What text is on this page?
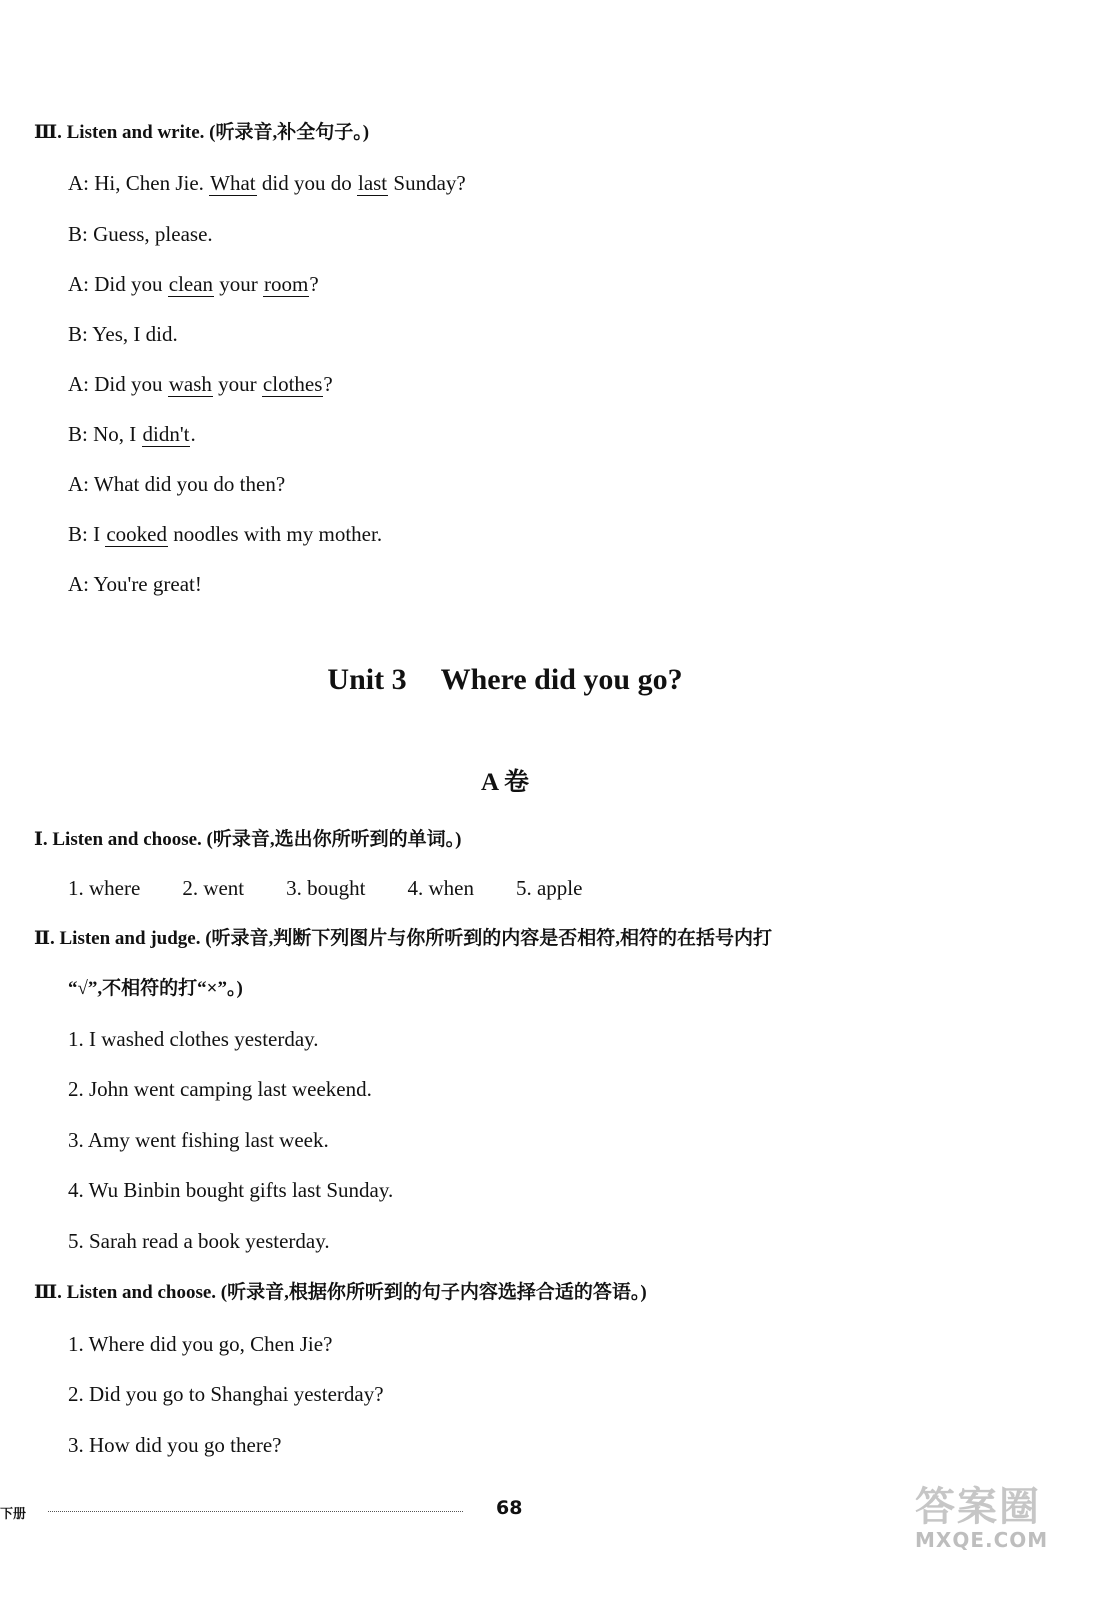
Ⅲ. Listen and write. (听录音,补全句子。)
A: Hi, Chen Jie. What did you do last Sunday?
B: Guess, please.
A: Did you clean your room?
B: Yes, I did.
A: Did you wash your clothes?
B: No, I didn't.
A: What did you do then?
B: I cooked noodles with my mother.
A: You're great!
Unit 3 Where did you go?
A 卷
Ⅰ. Listen and choose. (听录音,选出你所听到的单词。)
1. where 2. went 3. bought 4. when 5. apple
Ⅱ. Listen and judge. (听录音,判断下列图片与你所听到的内容是否相符,相符的在括号内打
“√”,不相符的打“×”。)
1. I washed clothes yesterday.
2. John went camping last weekend.
3. Amy went fishing last week.
4. Wu Binbin bought gifts last Sunday.
5. Sarah read a book yesterday.
Ⅲ. Listen and choose. (听录音,根据你所听到的句子内容选择合适的答语。)
1. Where did you go, Chen Jie?
2. Did you go to Shanghai yesterday?
3. How did you go there?
下册	68	答案圈
MXQE.COM
